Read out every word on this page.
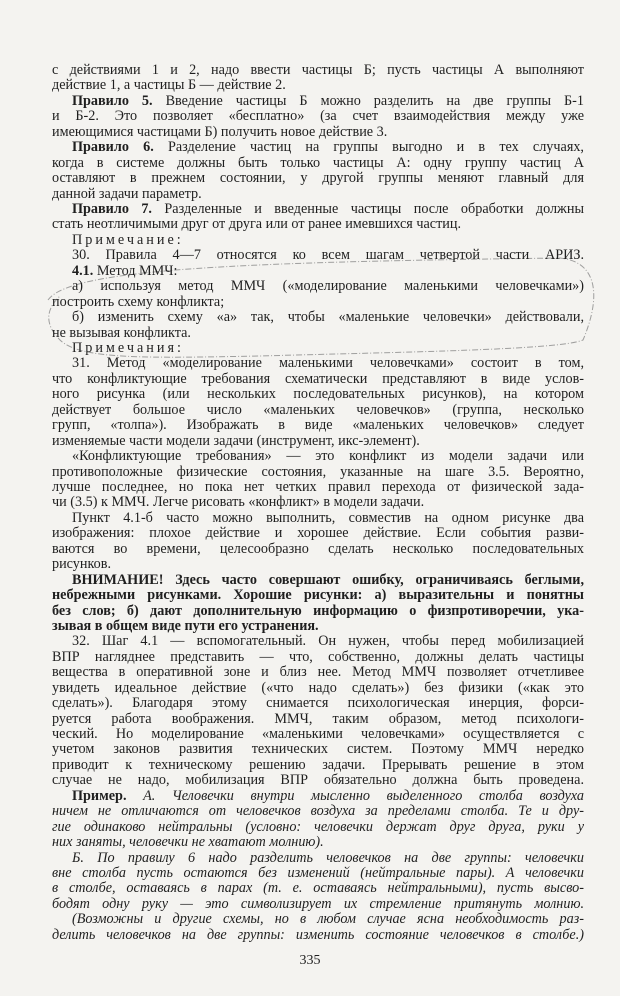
с действиями 1 и 2, надо ввести частицы Б; пусть частицы А выполняют
действие 1, а частицы Б — действие 2.
Правило 5. Введение частицы Б можно разделить на две группы Б-1
и Б-2. Это позволяет «бесплатно» (за счет взаимодействия между уже
имеющимися частицами Б) получить новое действие 3.
Правило 6. Разделение частиц на группы выгодно и в тех случаях,
когда в системе должны быть только частицы А: одну группу частиц А
оставляют в прежнем состоянии, у другой группы меняют главный для
данной задачи параметр.
Правило 7. Разделенные и введенные частицы после обработки должны
стать неотличимыми друг от друга или от ранее имевшихся частиц.
Примечание:
30. Правила 4—7 относятся ко всем шагам четвертой части АРИЗ.
4.1. Метод ММЧ:
а) используя метод ММЧ («моделирование маленькими человечками»)
построить схему конфликта;
б) изменить схему «а» так, чтобы «маленькие человечки» действовали,
не вызывая конфликта.
Примечания:
31. Метод «моделирование маленькими человечками» состоит в том,
что конфликтующие требования схематически представляют в виде услов-
ного рисунка (или нескольких последовательных рисунков), на котором
действует большое число «маленьких человечков» (группа, несколько
групп, «толпа»). Изображать в виде «маленьких человечков» следует
изменяемые части модели задачи (инструмент, икс-элемент).
«Конфликтующие требования» — это конфликт из модели задачи или
противоположные физические состояния, указанные на шаге 3.5. Вероятно,
лучше последнее, но пока нет четких правил перехода от физической зада-
чи (3.5) к ММЧ. Легче рисовать «конфликт» в модели задачи.
Пункт 4.1-б часто можно выполнить, совместив на одном рисунке два
изображения: плохое действие и хорошее действие. Если события разви-
ваются во времени, целесообразно сделать несколько последовательных
рисунков.
ВНИМАНИЕ! Здесь часто совершают ошибку, ограничиваясь беглыми,
небрежными рисунками. Хорошие рисунки: а) выразительны и понятны
без слов; б) дают дополнительную информацию о физпротиворечии, ука-
зывая в общем виде пути его устранения.
32. Шаг 4.1 — вспомогательный. Он нужен, чтобы перед мобилизацией
ВПР нагляднее представить — что, собственно, должны делать частицы
вещества в оперативной зоне и близ нее. Метод ММЧ позволяет отчетливее
увидеть идеальное действие («что надо сделать») без физики («как это
сделать»). Благодаря этому снимается психологическая инерция, форси-
руется работа воображения. ММЧ, таким образом, метод психологи-
ческий. Но моделирование «маленькими человечками» осуществляется с
учетом законов развития технических систем. Поэтому ММЧ нередко
приводит к техническому решению задачи. Прерывать решение в этом
случае не надо, мобилизация ВПР обязательно должна быть проведена.
Пример. А. Человечки внутри мысленно выделенного столба воздуха
ничем не отличаются от человечков воздуха за пределами столба. Те и дру-
гие одинаково нейтральны (условно: человечки держат друг друга, руки у
них заняты, человечки не хватают молнию).
Б. По правилу 6 надо разделить человечков на две группы: человечки
вне столба пусть остаются без изменений (нейтральные пары). А человечки
в столбе, оставаясь в парах (т. е. оставаясь нейтральными), пусть высво-
бодят одну руку — это символизирует их стремление притянуть молнию.
(Возможны и другие схемы, но в любом случае ясна необходимость раз-
делить человечков на две группы: изменить состояние человечков в столбе.)
335
